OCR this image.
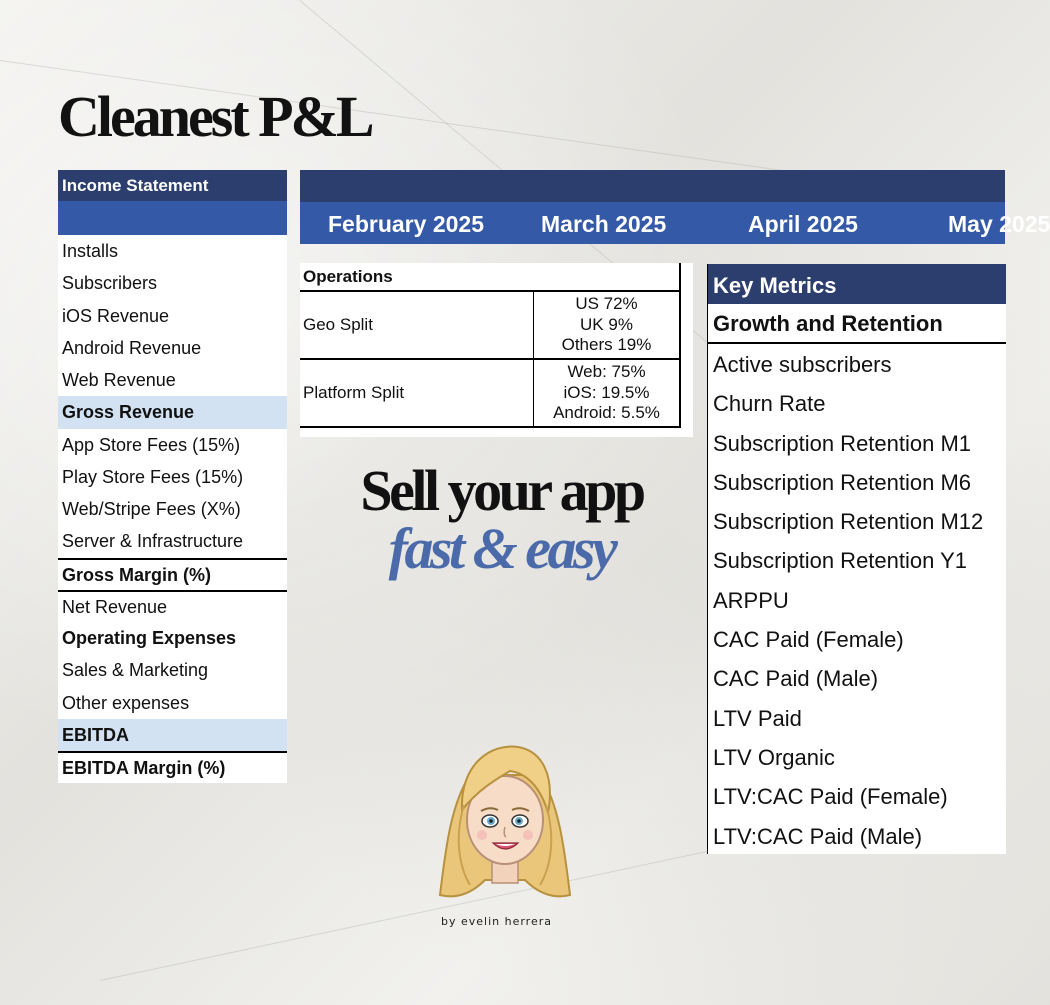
Cleanest P&L
Income Statement
Installs
Subscribers
iOS Revenue
Android Revenue
Web Revenue
Gross Revenue
App Store Fees (15%)
Play Store Fees (15%)
Web/Stripe Fees (X%)
Server & Infrastructure
Gross Margin (%)
Net Revenue
Operating Expenses
Sales & Marketing
Other expenses
EBITDA
EBITDA Margin (%)
February 2025 March 2025	April 2025	May 2025
Operations	
Geo Split	US 72%
UK 9%
Others 19%

Platform Split	Web: 75%
iOS: 19.5%
Android: 5.5%
Sell your app
fast & easy
by evelin herrera
Key Metrics
Growth and Retention
Active subscribers
Churn Rate
Subscription Retention M1
Subscription Retention M6
Subscription Retention M12
Subscription Retention Y1
ARPPU
CAC Paid (Female)
CAC Paid (Male)
LTV Paid
LTV Organic
LTV:CAC Paid (Female)
LTV:CAC Paid (Male)
